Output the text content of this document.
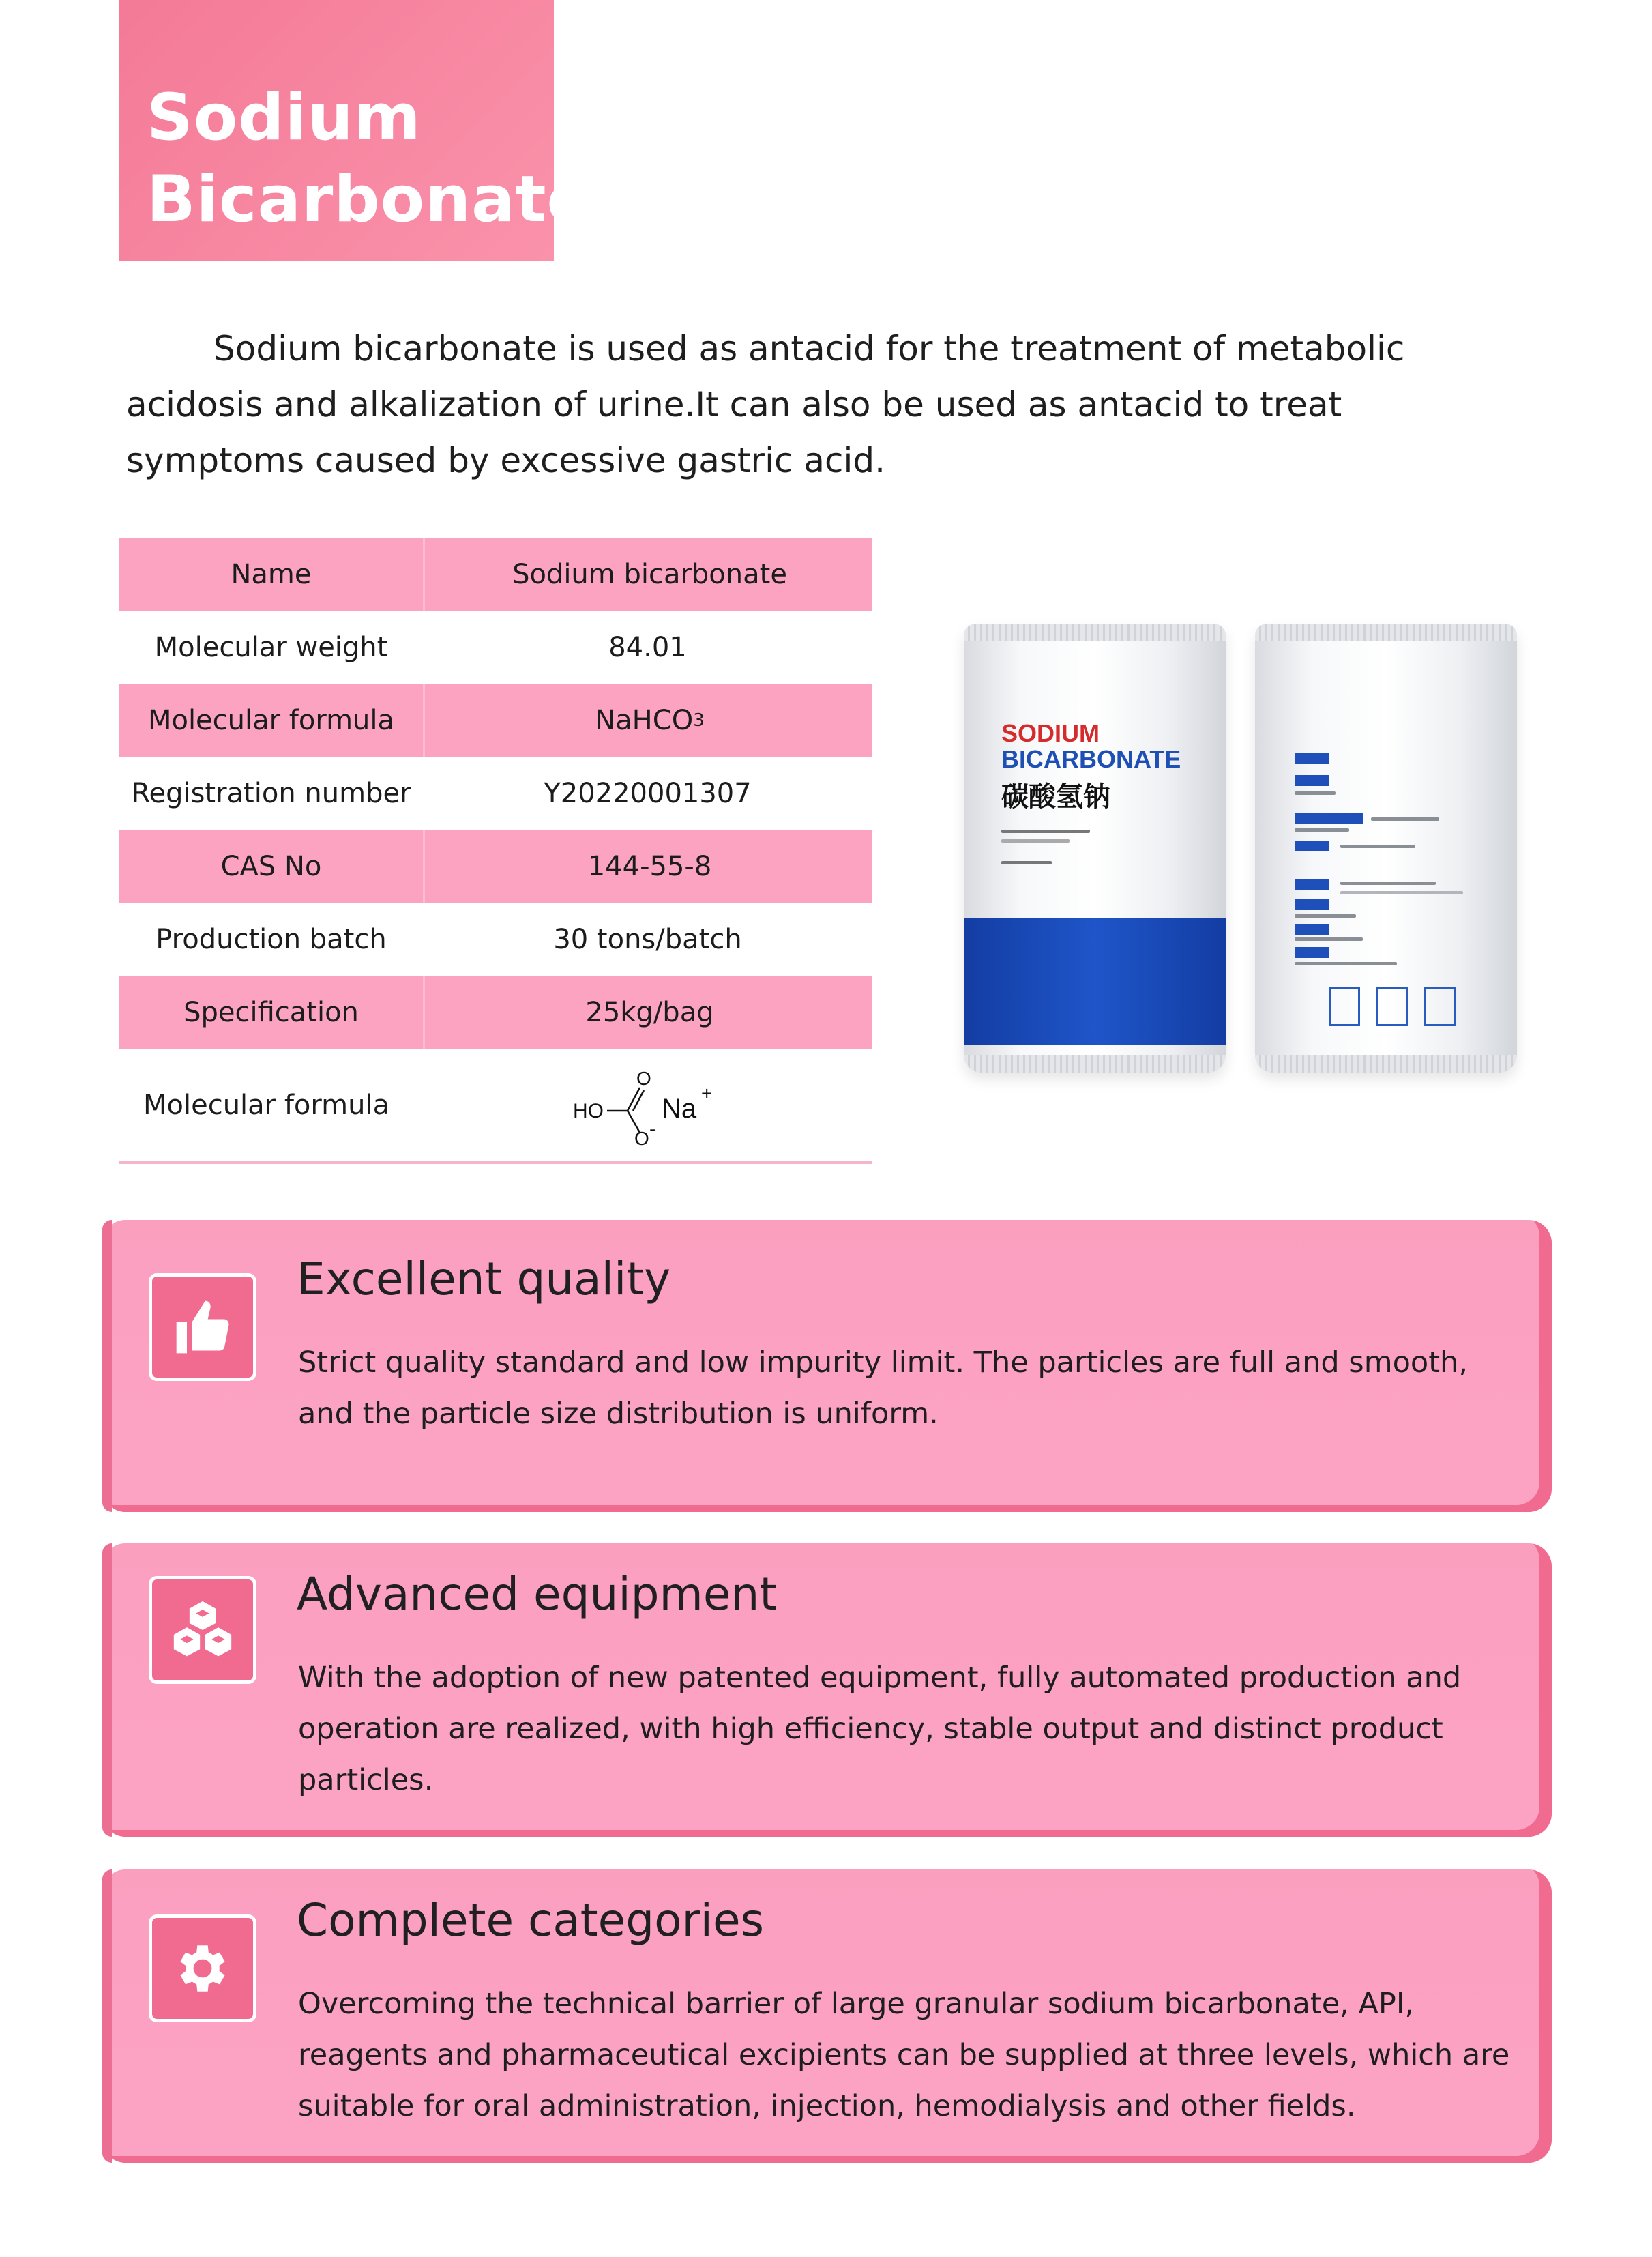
Sodium
Bicarbonate

Sodium bicarbonate is used as antacid for the treatment of metabolic acidosis and alkalization of urine.It can also be used as antacid to treat symptoms caused by excessive gastric acid.

Name	Sodium bicarbonate
Molecular weight	84.01
Molecular formula	NaHCO 3
Registration number	Y20220001307
CAS No	144-55-8
Production batch	30 tons/batch
Specification	25kg/bag
Molecular formula	HO
O
O -
Na
+
SODIUM
BICARBONATE
碳酸氢钠
Excellent quality
Strict quality standard and low impurity limit. The particles are full and smooth, and the particle size distribution is uniform.
Advanced equipment
With the adoption of new patented equipment, fully automated production and operation are realized, with high efficiency, stable output and distinct product particles.
Complete categories
Overcoming the technical barrier of large granular sodium bicarbonate, API, reagents and pharmaceutical excipients can be supplied at three levels, which are suitable for oral administration, injection, hemodialysis and other fields.
